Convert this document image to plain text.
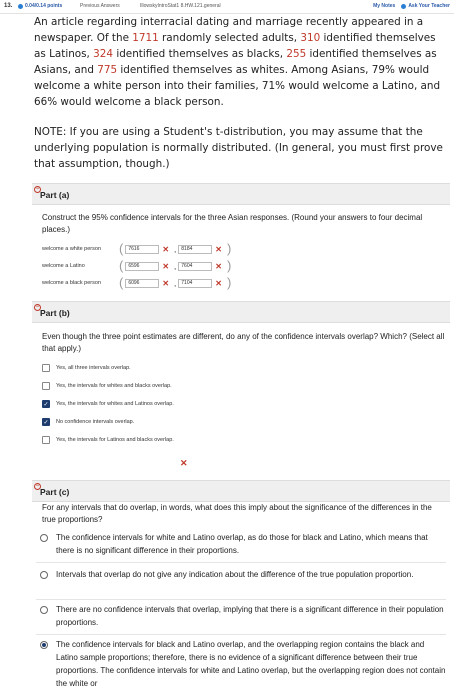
13.	0.04/0.14 points	Previous Answers	IllowskyIntroStat1 8.HW.121.general	My Notes	Ask Your Teacher
An article regarding interracial dating and marriage recently appeared in a newspaper. Of the 1711 randomly selected adults, 310 identified themselves as Latinos, 324 identified themselves as blacks, 255 identified themselves as Asians, and 775 identified themselves as whites. Among Asians, 79% would welcome a white person into their families, 71% would welcome a Latino, and 66% would welcome a black person.
NOTE: If you are using a Student's t-distribution, you may assume that the underlying population is normally distributed. (In general, you must first prove that assumption, though.)
−
Part (a)
Construct the 95% confidence intervals for the three Asian responses. (Round your answers to four decimal places.)
welcome a white person	(	7616	✕ ,	8184	✕ )
welcome a Latino	(	6596	✕ ,	7604	✕ )
welcome a black person	(	6096	✕ ,	7104	✕ )
−
Part (b)
Even though the three point estimates are different, do any of the confidence intervals overlap? Which? (Select all that apply.)
Yes, all three intervals overlap.
Yes, the intervals for whites and blacks overlap.
✓ Yes, the intervals for whites and Latinos overlap.
✓ No confidence intervals overlap.
Yes, the intervals for Latinos and blacks overlap.
✕
−
Part (c)
For any intervals that do overlap, in words, what does this imply about the significance of the differences in the true proportions?
The confidence intervals for white and Latino overlap, as do those for black and Latino, which means that there is no significant difference in their proportions.
Intervals that overlap do not give any indication about the difference of the true population proportion.
There are no confidence intervals that overlap, implying that there is a significant difference in their population proportions.
The confidence intervals for black and Latino overlap, and the overlapping region contains the black and Latino sample proportions; therefore, there is no evidence of a significant difference between their true proportions. The confidence intervals for white and Latino overlap, but the overlapping region does not contain the white or
